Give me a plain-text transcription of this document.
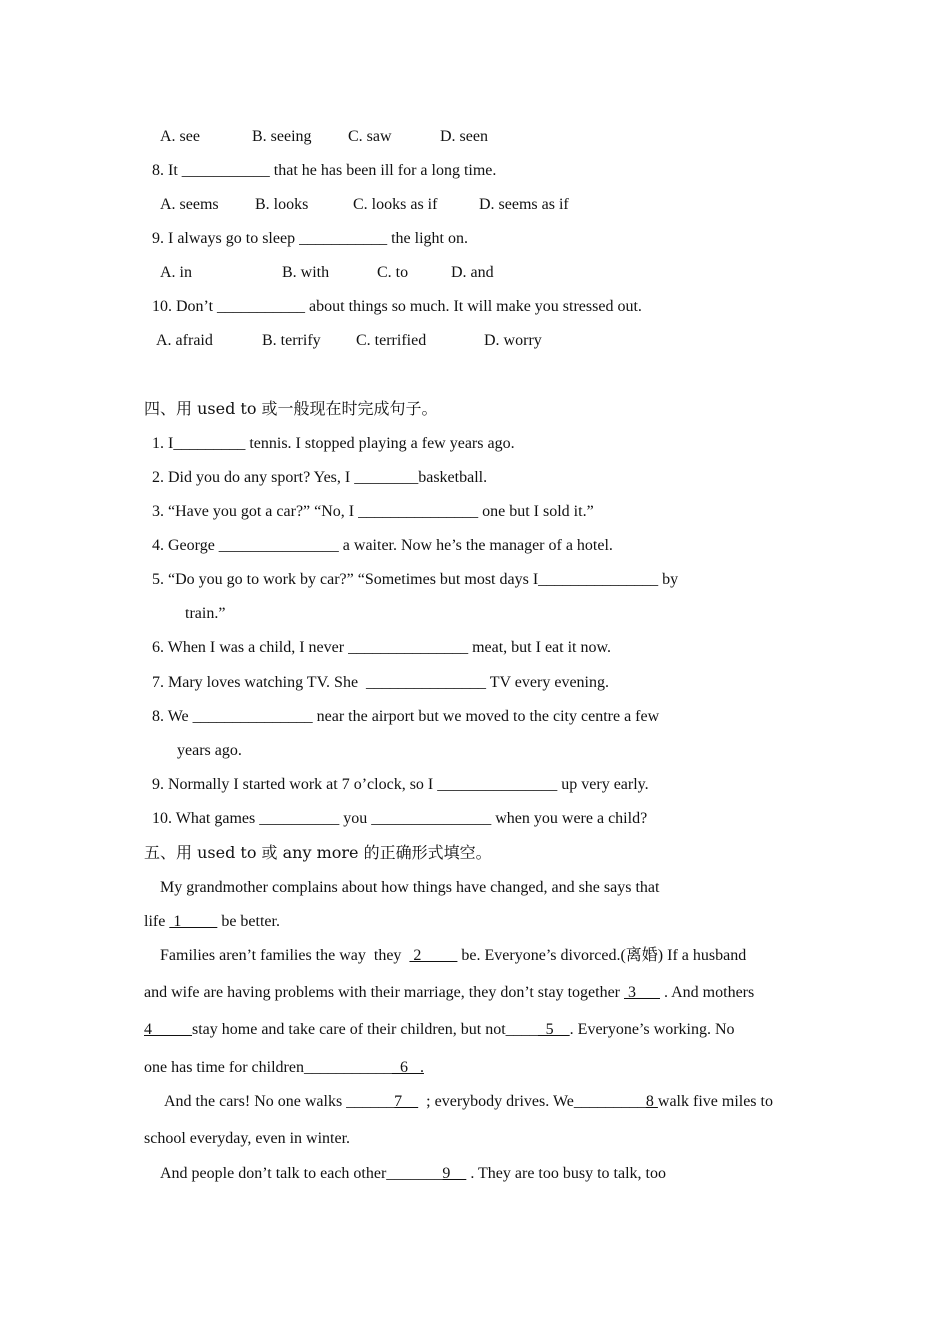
A. see	B. seeing C. saw	D. seen
8. It ___________ that he has been ill for a long time.
A. seems B. looks	C. looks as if	D. seems as if
9. I always go to sleep ___________ the light on.
A. in	B. with	C. to	D. and
10. Don’t ___________ about things so much. It will make you stressed out.
A. afraid	B. terrify C. terrified	D. worry
四、用 used to 或一般现在时完成句子。
1. I_________ tennis. I stopped playing a few years ago.
2. Did you do any sport? Yes, I ________basketball.
3. “Have you got a car?” “No, I _______________ one but I sold it.”
4. George _______________ a waiter. Now he’s the manager of a hotel.
5. “Do you go to work by car?” “Sometimes but most days I_______________ by
train.”
6. When I was a child, I never _______________ meat, but I eat it now.
7. Mary loves watching TV. She  _______________ TV every evening.
8. We _______________ near the airport but we moved to the city centre a few
years ago.
9. Normally I started work at 7 o’clock, so I _______________ up very early.
10. What games __________ you _______________ when you were a child?
五、用 used to 或 any more 的正确形式填空。
My grandmother complains about how things have changed, and she says that
life  1          be better.
Families aren’t families the way  they   2          be. Everyone’s divorced.(离婚) If a husband
and wife are having problems with their marriage, they don’t stay together  3       . And mothers
4          stay home and take care of their children, but not____  5    . Everyone’s working. No
one has time for children___________  6   .
And the cars! No one walks ______7      ; everybody drives. We_________8 walk five miles to
school everyday, even in winter.
And people don’t talk to each other_______9     . They are too busy to talk, too
